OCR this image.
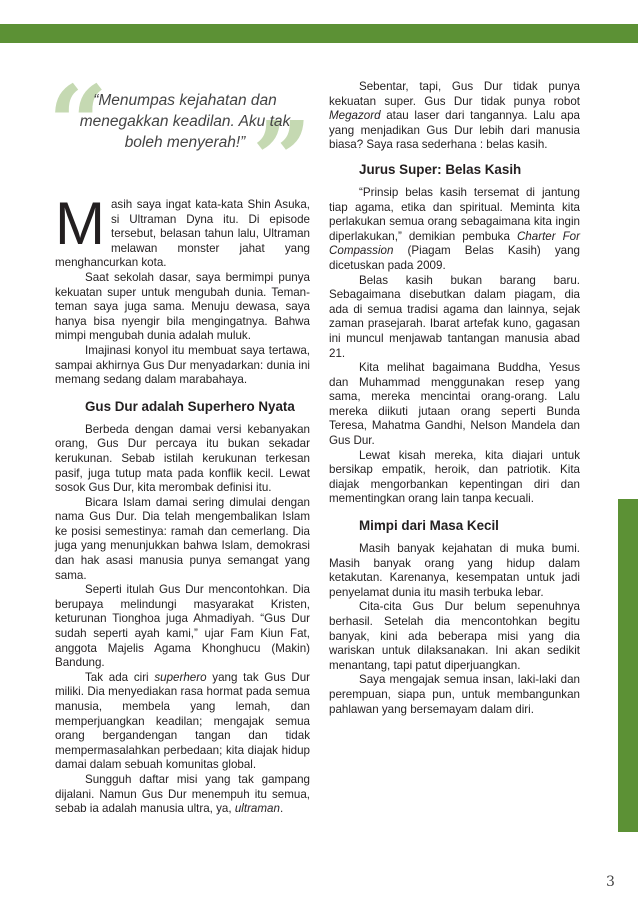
“ ”
“Menumpas kejahatan dan menegakkan keadilan. Aku tak boleh menyerah!”

Masih saya ingat kata-kata Shin Asuka, si Ultraman Dyna itu. Di episode tersebut, belasan tahun lalu, Ultraman melawan monster jahat yang menghancurkan kota.

Saat sekolah dasar, saya bermimpi punya kekuatan super untuk mengubah dunia. Teman-teman saya juga sama. Menuju dewasa, saya hanya bisa nyengir bila mengingatnya. Bahwa mimpi mengubah dunia adalah muluk.

Imajinasi konyol itu membuat saya tertawa, sampai akhirnya Gus Dur menyadarkan: dunia ini memang sedang dalam marabahaya.

Gus Dur adalah Superhero Nyata

Berbeda dengan damai versi kebanyakan orang, Gus Dur percaya itu bukan sekadar kerukunan. Sebab istilah kerukunan terkesan pasif, juga tutup mata pada konflik kecil. Lewat sosok Gus Dur, kita merombak definisi itu.

Bicara Islam damai sering dimulai dengan nama Gus Dur. Dia telah mengembalikan Islam ke posisi semestinya: ramah dan cemerlang. Dia juga yang menunjukkan bahwa Islam, demokrasi dan hak asasi manusia punya semangat yang sama.

Seperti itulah Gus Dur mencontohkan. Dia berupaya melindungi masyarakat Kristen, keturunan Tionghoa juga Ahmadiyah. “Gus Dur sudah seperti ayah kami,” ujar Fam Kiun Fat, anggota Majelis Agama Khonghucu (Makin) Bandung.

Tak ada ciri superhero yang tak Gus Dur miliki. Dia menyediakan rasa hormat pada semua manusia, membela yang lemah, dan memperjuangkan keadilan; mengajak semua orang bergandengan tangan dan tidak mempermasalahkan perbedaan; kita diajak hidup damai dalam sebuah komunitas global.

Sungguh daftar misi yang tak gampang dijalani. Namun Gus Dur menempuh itu semua, sebab ia adalah manusia ultra, ya, ultraman.

Sebentar, tapi, Gus Dur tidak punya kekuatan super. Gus Dur tidak punya robot Megazord atau laser dari tangannya. Lalu apa yang menjadikan Gus Dur lebih dari manusia biasa? Saya rasa sederhana : belas kasih.

Jurus Super: Belas Kasih

“Prinsip belas kasih tersemat di jantung tiap agama, etika dan spiritual. Meminta kita perlakukan semua orang sebagaimana kita ingin diperlakukan,” demikian pembuka Charter For Compassion (Piagam Belas Kasih) yang dicetuskan pada 2009.

Belas kasih bukan barang baru. Sebagaimana disebutkan dalam piagam, dia ada di semua tradisi agama dan lainnya, sejak zaman prasejarah. Ibarat artefak kuno, gagasan ini muncul menjawab tantangan manusia abad 21.

Kita melihat bagaimana Buddha, Yesus dan Muhammad menggunakan resep yang sama, mereka mencintai orang-orang. Lalu mereka diikuti jutaan orang seperti Bunda Teresa, Mahatma Gandhi, Nelson Mandela dan Gus Dur.

Lewat kisah mereka, kita diajari untuk bersikap empatik, heroik, dan patriotik. Kita diajak mengorbankan kepentingan diri dan mementingkan orang lain tanpa kecuali.

Mimpi dari Masa Kecil

Masih banyak kejahatan di muka bumi. Masih banyak orang yang hidup dalam ketakutan. Karenanya, kesempatan untuk jadi penyelamat dunia itu masih terbuka lebar.

Cita-cita Gus Dur belum sepenuhnya berhasil. Setelah dia mencontohkan begitu banyak, kini ada beberapa misi yang dia wariskan untuk dilaksanakan. Ini akan sedikit menantang, tapi patut diperjuangkan.

Saya mengajak semua insan, laki-laki dan perempuan, siapa pun, untuk membangunkan pahlawan yang bersemayam dalam diri.

3
